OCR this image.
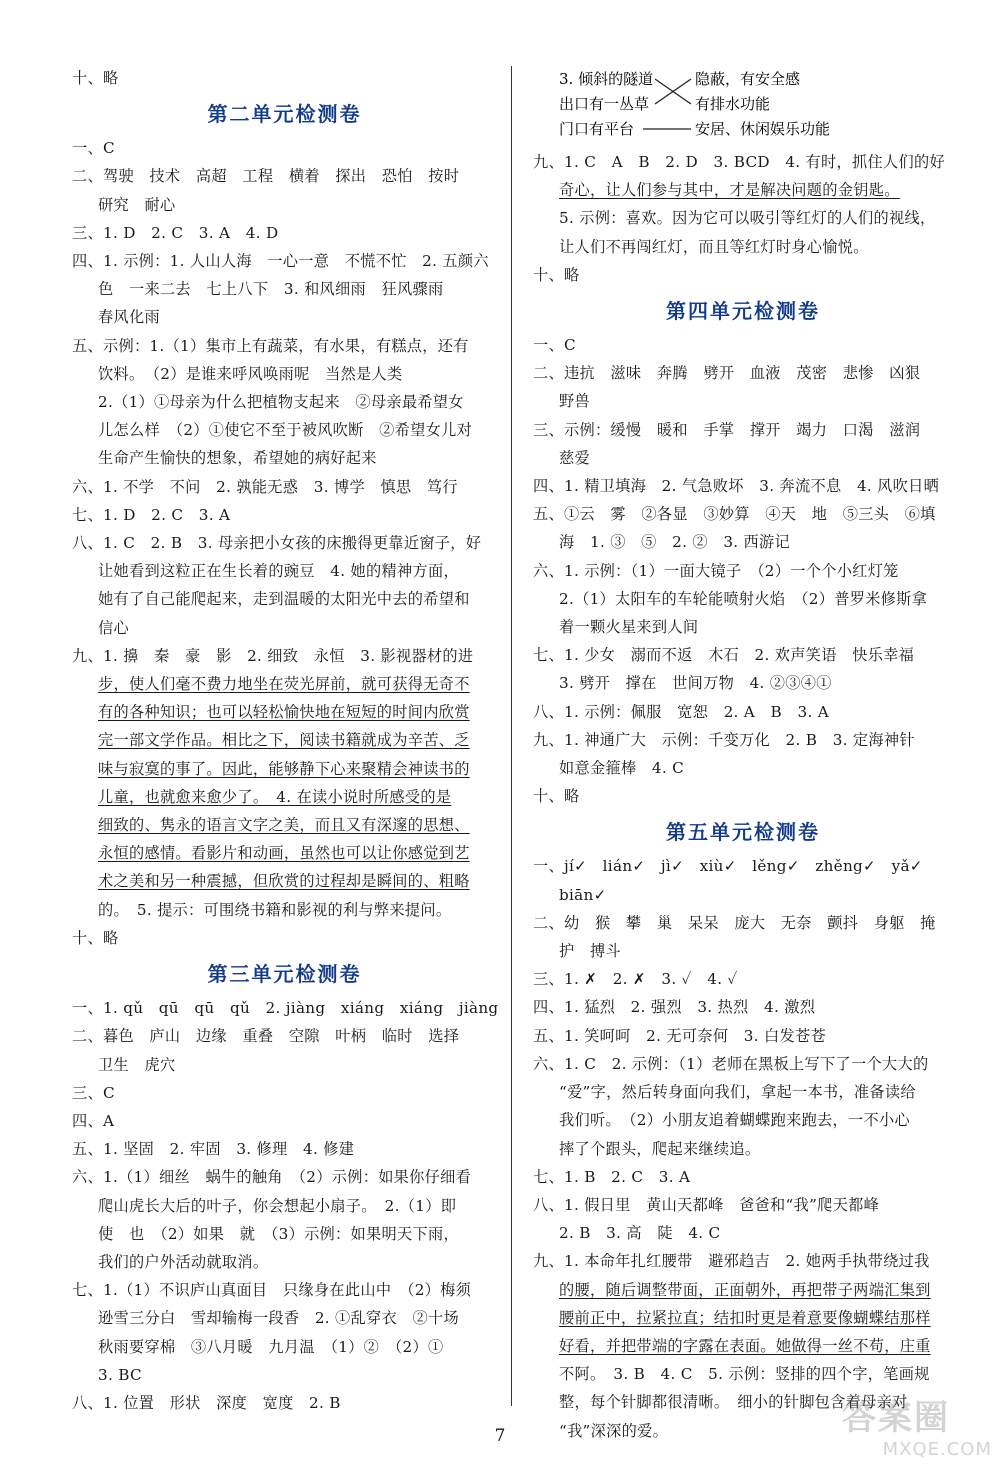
十、略
第二单元检测卷
一、C
二、驾驶　技术　高超　工程　横着　探出　恐怕　按时
研究　耐心
三、1. D　2. C　3. A　4. D
四、1. 示例：1. 人山人海　一心一意　不慌不忙　2. 五颜六
色　一来二去　七上八下　3. 和风细雨　狂风骤雨
春风化雨
五、示例：1.（1）集市上有蔬菜，有水果，有糕点，还有
饮料。　（2）是谁来呼风唤雨呢　当然是人类
2.（1）①母亲为什么把植物支起来　②母亲最希望女
儿怎么样　（2）①使它不至于被风吹断　②希望女儿对
生命产生愉快的想象，希望她的病好起来
六、1. 不学　不问　2. 孰能无惑　3. 博学　慎思　笃行
七、1. D　2. C　3. A
八、1. C　2. B　3. 母亲把小女孩的床搬得更靠近窗子，好
让她看到这粒正在生长着的豌豆　4. 她的精神方面，
她有了自己能爬起来，走到温暖的太阳光中去的希望和
信心
九、1. 擤　秦　豪　影　2. 细致　永恒　3. 影视器材的进
步，使人们毫不费力地坐在荧光屏前，就可获得无奇不
有的各种知识；也可以轻松愉快地在短短的时间内欣赏
完一部文学作品。相比之下，阅读书籍就成为辛苦、乏
味与寂寞的事了。因此，能够静下心来聚精会神读书的
儿童，也就愈来愈少了。　4. 在读小说时所感受的是
细致的、隽永的语言文字之美，而且又有深邃的思想、
永恒的感情。看影片和动画，虽然也可以让你感觉到艺
术之美和另一种震撼，但欣赏的过程却是瞬间的、粗略
的。　5. 提示：可围绕书籍和影视的利与弊来提问。
十、略
第三单元检测卷
一、1. qǔ　qū　qū　qǔ　2. jiàng　xiáng　xiáng　jiàng
二、暮色　庐山　边缘　重叠　空隙　叶柄　临时　选择
卫生　虎穴
三、C
四、A
五、1. 坚固　2. 牢固　3. 修理　4. 修建
六、1.（1）细丝　蜗牛的触角　（2）示例：如果你仔细看
爬山虎长大后的叶子，你会想起小扇子。　2.（1）即
使　也　（2）如果　就　（3）示例：如果明天下雨，
我们的户外活动就取消。
七、1.（1）不识庐山真面目　只缘身在此山中　（2）梅须
逊雪三分白　雪却输梅一段香　2. ①乱穿衣　②十场
秋雨要穿棉　③八月暖　九月温　（1）②　（2）①
3. BC
八、1. 位置　形状　深度　宽度　2. B
3. 倾斜的隧道
出口有一丛草
门口有平台
隐蔽，有安全感
有排水功能
安居、休闲娱乐功能
九、1. C　A　B　2. D　3. BCD　4. 有时，抓住人们的好
奇心，让人们参与其中，才是解决问题的金钥匙。
5. 示例：喜欢。因为它可以吸引等红灯的人们的视线，
让人们不再闯红灯，而且等红灯时身心愉悦。
十、略
第四单元检测卷
一、C
二、违抗　滋味　奔腾　劈开　血液　茂密　悲惨　凶狠
野兽
三、示例：缓慢　暖和　手掌　撑开　竭力　口渴　滋润
慈爱
四、1. 精卫填海　2. 气急败坏　3. 奔流不息　4. 风吹日晒
五、①云　雾　②各显　③妙算　④天　地　⑤三头　⑥填
海　1. ③　⑤　2. ②　3. 西游记
六、1. 示例：（1）一面大镜子　（2）一个个小红灯笼
2.（1）太阳车的车轮能喷射火焰　（2）普罗米修斯拿
着一颗火星来到人间
七、1. 少女　溺而不返　木石　2. 欢声笑语　快乐幸福
3. 劈开　撑在　世间万物　4. ②③④①
八、1. 示例：佩服　宽恕　2. A　B　3. A
九、1. 神通广大　示例：千变万化　2. B　3. 定海神针
如意金箍棒　4. C
十、略
第五单元检测卷
一、jí✓　lián✓　jì✓　xiù✓　lěng✓　zhěng✓　yǎ✓
biān✓
二、幼　猴　攀　巢　呆呆　庞大　无奈　颤抖　身躯　掩
护　搏斗
三、1. ✗　2. ✗　3. ✓　4. ✓
四、1. 猛烈　2. 强烈　3. 热烈　4. 激烈
五、1. 笑呵呵　2. 无可奈何　3. 白发苍苍
六、1. C　2. 示例：（1）老师在黑板上写下了一个大大的
“爱”字，然后转身面向我们，拿起一本书，准备读给
我们听。　（2）小朋友追着蝴蝶跑来跑去，一不小心
摔了个跟头，爬起来继续追。
七、1. B　2. C　3. A
八、1. 假日里　黄山天都峰　爸爸和“我”爬天都峰
2. B　3. 高　陡　4. C
九、1. 本命年扎红腰带　避邪趋吉　2. 她两手执带绕过我
的腰，随后调整带面，正面朝外，再把带子两端汇集到
腰前正中，拉紧拉直；结扣时更是着意要像蝴蝶结那样
好看，并把带端的字露在表面。她做得一丝不苟，庄重
不阿。　3. B　4. C　5. 示例：竖排的四个字，笔画规
整，每个针脚都很清晰。　细小的针脚包含着母亲对
“我”深深的爱。
7	答案圈
MXQE.COM
